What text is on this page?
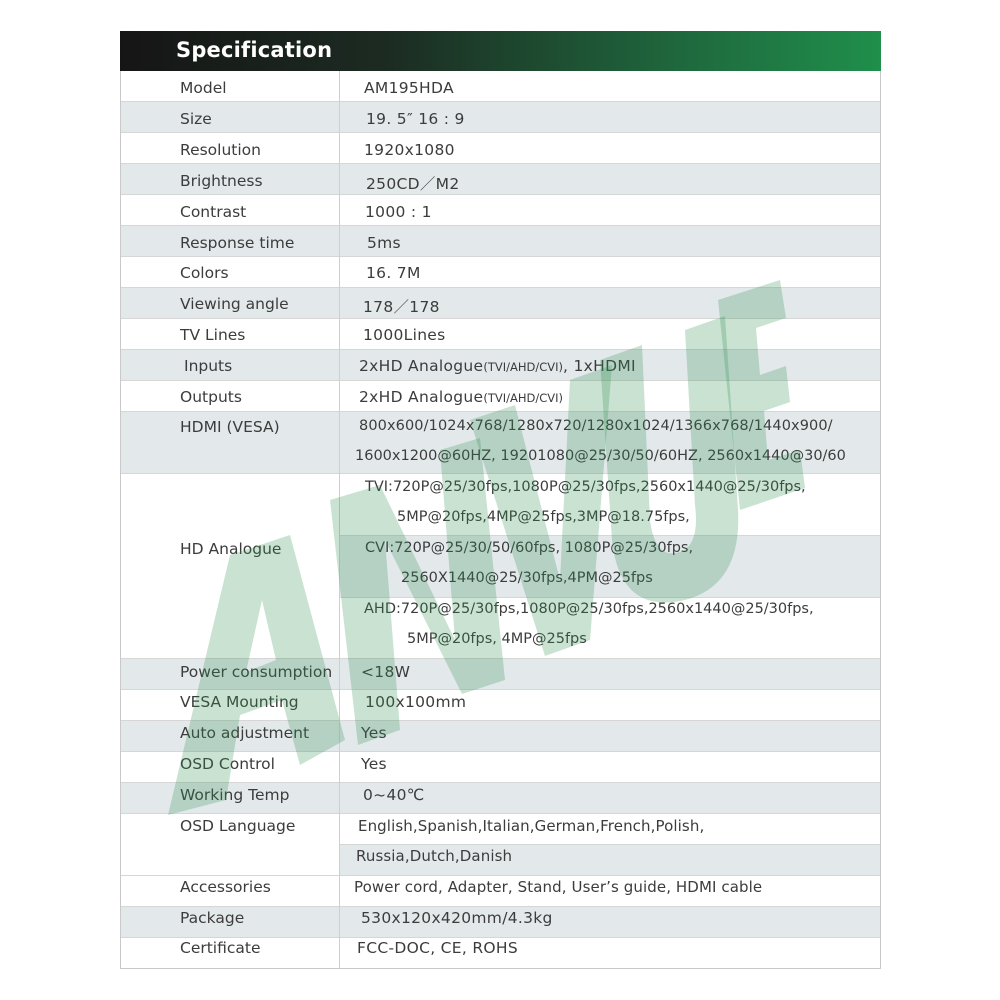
Specification
Model
Size
Resolution
Brightness
Contrast
Response time
Colors
Viewing angle
TV Lines
Inputs
Outputs
HDMI (VESA)
HD Analogue
Power consumption
VESA Mounting
Auto adjustment
OSD Control
Working Temp
OSD Language
Accessories
Package
Certificate
AM195HDA
19. 5″ 16 : 9
1920x1080
250CD／M2
1000 : 1
5ms
16. 7M
178／178
1000Lines
2xHD Analogue(TVI/AHD/CVI), 1xHDMI
2xHD Analogue(TVI/AHD/CVI)
800x600/1024x768/1280x720/1280x1024/1366x768/1440x900/
1600x1200@60HZ, 19201080@25/30/50/60HZ, 2560x1440@30/60
TVI:720P@25/30fps,1080P@25/30fps,2560x1440@25/30fps,
5MP@20fps,4MP@25fps,3MP@18.75fps,
CVI:720P@25/30/50/60fps, 1080P@25/30fps,
2560X1440@25/30fps,4PM@25fps
AHD:720P@25/30fps,1080P@25/30fps,2560x1440@25/30fps,
5MP@20fps, 4MP@25fps
<18W
100x100mm
Yes
Yes
0~40℃
English,Spanish,Italian,German,French,Polish,
Russia,Dutch,Danish
Power cord, Adapter, Stand, User’s guide, HDMI cable
530x120x420mm/4.3kg
FCC-DOC, CE, ROHS
